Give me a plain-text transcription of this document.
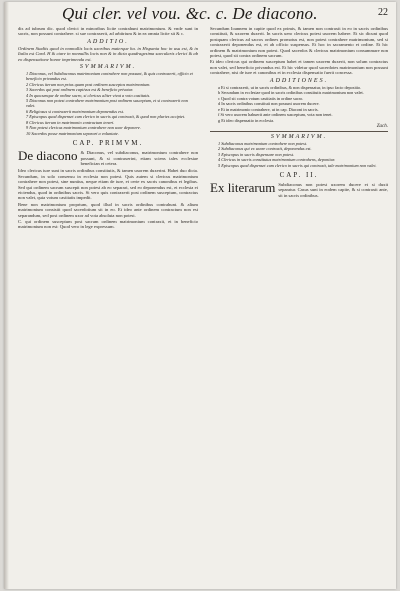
Qui cler. vel vou. &c. c. De diacono.	22

dis ad tubrum dic. quod clerici in minoribus licite contrahunt matrimonium. & vnde sunt in sacris, non possunt contrahere. si sue contraxerit, ad arbitrium & in ea omnia licite sit & c.

ADDITIO.

Ordinem Stadiis quod in nonnullis locis uxoribus materque ha. in Hispania hoc in usu est, & in Italia est Card. H & ctare in nonnullis locis non & in dicta quadragesima saecularis clerici & ab eo dispensatione honor imprimenda est.

SVMMARIVM.
1 Diaconus, vel Subdiaconus matrimonium contrahere non possunt, & quis contraxerit, officio et beneficio privandus est.
2 Clericus iterum non prius quam post ordinem susceptos matrimonium.
3 Sacerdos qui post ordinem captivus est & beneficio privatur.
4 In quocumque de ordine sacro, si clericus aliter vivat a voto castitatis.
5 Diaconus non potest contrahere matrimonium post ordinem susceptum, et si contraxerit non valet.
6 Religiosus si contraxerit matrimonium deponendus est.
7 Episcopus quod dispenset cum clerico in sacris qui contraxit, & quod non pluries accipiet.
8 Clericus iterum in matrimonio contractum teneri.
9 Non potest clericus matrimonium contrahere non uxor deponere.
10 Sacerdos posse matrimonium separari a voluntate.
CAP. PRIMVM.
De diacono & Diaconus, vel subdiaconus, matrimonium contrahere non possunt, & si contraxerint, etiam sciens tales ecclesiae benefician et cetera.

Ideo clericus iure sunt in sacris ordinibus constitutis, & tamen uxorem duxerint. Habet duo dicta. Secundum, in solo consensu in ecclesia non potest. Quis autem si clericus matrimonium contrahere non potest, sine nuntius, neque etiam de iure, et certe ex sacris canonibus et legibus. Sed qui ordinem sacrum suscepit non potest ab eo separari, sed eo deponendus est, et ecclesia ei eiciendus, quod in ordinibus sacris. Si vero quis contraxerit post ordinem susceptum, contractus non valet, quia votum castitatis impedit.

Bene non matrimonium proprium, quod illud in sacris ordinibus contrahunt. & alium matrimonium consistit quod sacerdotium sit in eo. Et ideo ante ordinem contractum non est separandum, sed post ordinem uxor ad vota absoluta non potest.

C. qui ordinem susceptum post sacrum ordinem matrimonium contraxit, et in beneficio matrimonium non est: Quod vero in lege expressum.

Secundum Ioannem in capite quod ex primis, & tamen non contraxit in eo in sacris ordinibus constituti, & uxorem duxerit. In sacris uero clericus potest uxorem habere. Et sic dicunt quod postquam clericus ad sacros ordines promotus est, non potest contrahere matrimonium, sed si contraxerit deponendus est, et ab officio suspensus. Et hoc in sacramento et ordine. Et hic ordinem & matrimonium non potest. Quod sacerdos & clericus matrimonium consummare non potest, quod sit contra ordinem sacrum.

Et ideo clericus qui ordinem susceptum habet et tamen uxorem duxerit, non solum contractus non valet, sed beneficio privandus est. Et hic videtur quod sacerdotes matrimonium non possunt contrahere, nisi de iure et canonibus et in ecclesia dispensatio fuerit concessa.

ADDITIONES.
a Et si contraxerit, ut in sacris ordinibus, & non dispensatur, in ipso facto depositio.
b Secundum in ecclesiae quod in sacris ordinibus constitutis matrimonium non valet.
c Quod sit contra votum castitatis in ordine sacro.
d In sacris ordinibus constituti non possunt uxorem ducere.
e Et in matrimonio contrahere, ut in cap. Diaconi in sacris.
f Si vero uxorem habuerit ante ordinem susceptum, vota non tenet.
g Et ideo dispensatio in ecclesia.
Zach.
SVMMARIVM.
1 Subdiaconus matrimonium contrahere non potest.
2 Subdiaconus qui ex uxore contraxit, deponendus est.
3 Episcopus in sacris dispensare non potest.
4 Clericus in sacris constitutus matrimonium contrahens, deponitur.
5 Episcopus quod dispenset cum clerico in sacris qui contraxit, tale matrimonium non valet.
CAP. II.
Ex literarum Subdiaconus non potest uxorem ducere et si duxit separatur. Casus sunt in eodem capite, & si contraxit ante, sit in sacris ordinibus.
